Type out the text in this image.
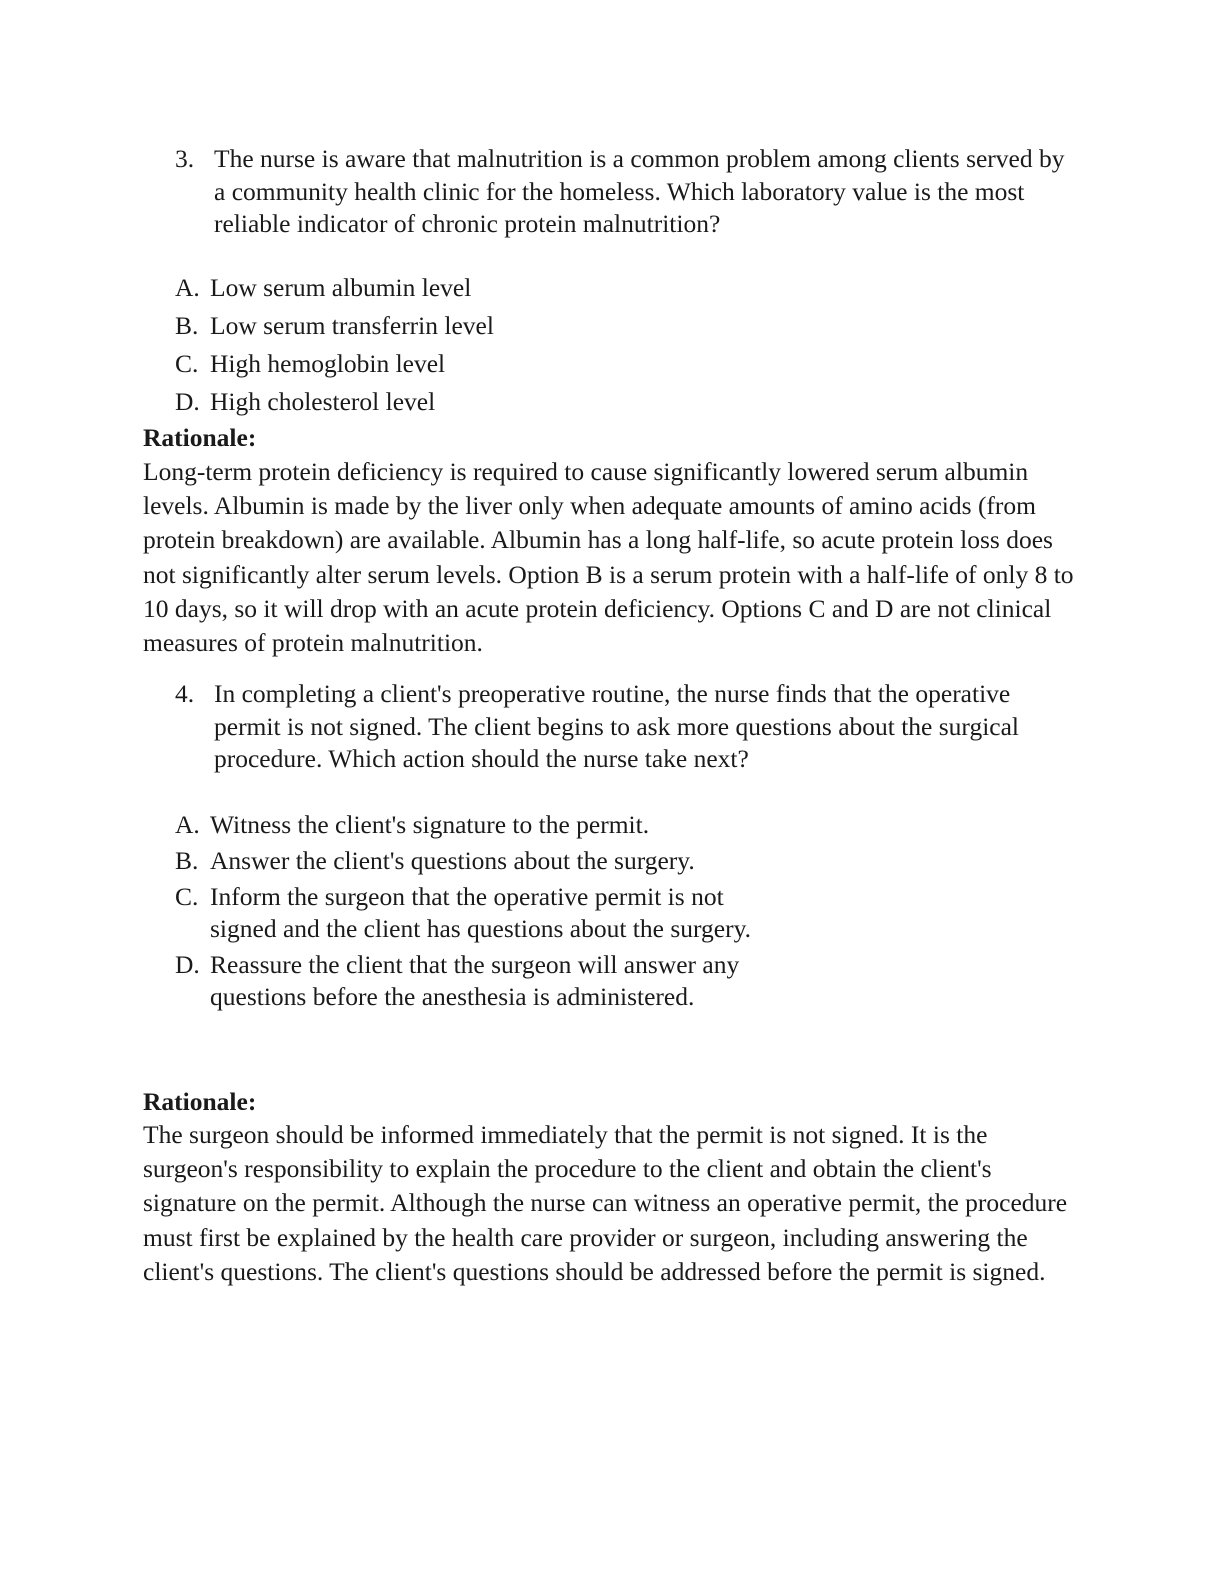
3. The nurse is aware that malnutrition is a common problem among clients served by a community health clinic for the homeless. Which laboratory value is the most reliable indicator of chronic protein malnutrition?
A. Low serum albumin level
B. Low serum transferrin level
C. High hemoglobin level
D. High cholesterol level
Rationale:

Long-term protein deficiency is required to cause significantly lowered serum albumin levels. Albumin is made by the liver only when adequate amounts of amino acids (from protein breakdown) are available. Albumin has a long half-life, so acute protein loss does not significantly alter serum levels. Option B is a serum protein with a half-life of only 8 to 10 days, so it will drop with an acute protein deficiency. Options C and D are not clinical measures of protein malnutrition.

4. In completing a client's preoperative routine, the nurse finds that the operative permit is not signed. The client begins to ask more questions about the surgical procedure. Which action should the nurse take next?
A. Witness the client's signature to the permit.
B. Answer the client's questions about the surgery.
C. Inform the surgeon that the operative permit is not signed and the client has questions about the surgery.
D. Reassure the client that the surgeon will answer any questions before the anesthesia is administered.
Rationale:

The surgeon should be informed immediately that the permit is not signed. It is the surgeon's responsibility to explain the procedure to the client and obtain the client's signature on the permit. Although the nurse can witness an operative permit, the procedure must first be explained by the health care provider or surgeon, including answering the client's questions. The client's questions should be addressed before the permit is signed.
